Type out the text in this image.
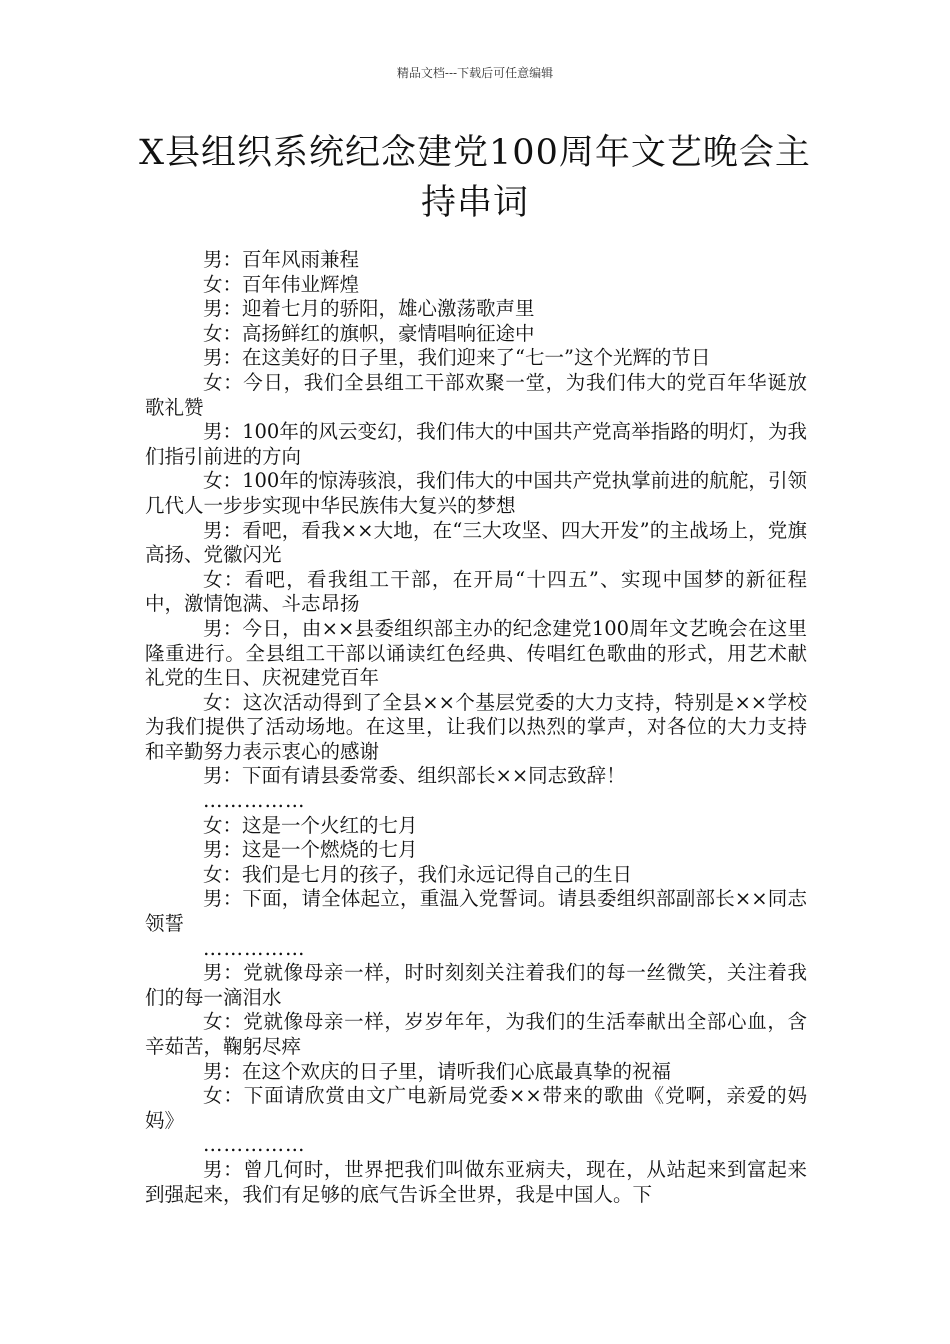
精品文档---下载后可任意编辑
X县组织系统纪念建党100周年文艺晚会主持串词

男：百年风雨兼程

女：百年伟业辉煌

男：迎着七月的骄阳，雄心激荡歌声里

女：高扬鲜红的旗帜，豪情唱响征途中

男：在这美好的日子里，我们迎来了“七一”这个光辉的节日

女：今日，我们全县组工干部欢聚一堂，为我们伟大的党百年华诞放歌礼赞

男：100年的风云变幻，我们伟大的中国共产党高举指路的明灯，为我们指引前进的方向

女：100年的惊涛骇浪，我们伟大的中国共产党执掌前进的航舵，引领几代人一步步实现中华民族伟大复兴的梦想

男：看吧，看我××大地，在“三大攻坚、四大开发”的主战场上，党旗高扬、党徽闪光

女：看吧，看我组工干部，在开局“十四五”、实现中国梦的新征程中，激情饱满、斗志昂扬

男：今日，由××县委组织部主办的纪念建党100周年文艺晚会在这里隆重进行。全县组工干部以诵读红色经典、传唱红色歌曲的形式，用艺术献礼党的生日、庆祝建党百年

女：这次活动得到了全县××个基层党委的大力支持，特别是××学校为我们提供了活动场地。在这里，让我们以热烈的掌声，对各位的大力支持和辛勤努力表示衷心的感谢

男：下面有请县委常委、组织部长××同志致辞！

……………

女：这是一个火红的七月

男：这是一个燃烧的七月

女：我们是七月的孩子，我们永远记得自己的生日

男：下面，请全体起立，重温入党誓词。请县委组织部副部长××同志领誓

……………

男：党就像母亲一样，时时刻刻关注着我们的每一丝微笑，关注着我们的每一滴泪水

女：党就像母亲一样，岁岁年年，为我们的生活奉献出全部心血，含辛茹苦，鞠躬尽瘁

男：在这个欢庆的日子里，请听我们心底最真挚的祝福

女：下面请欣赏由文广电新局党委××带来的歌曲《党啊，亲爱的妈妈》

……………

男：曾几何时，世界把我们叫做东亚病夫，现在，从站起来到富起来到强起来，我们有足够的底气告诉全世界，我是中国人。下
